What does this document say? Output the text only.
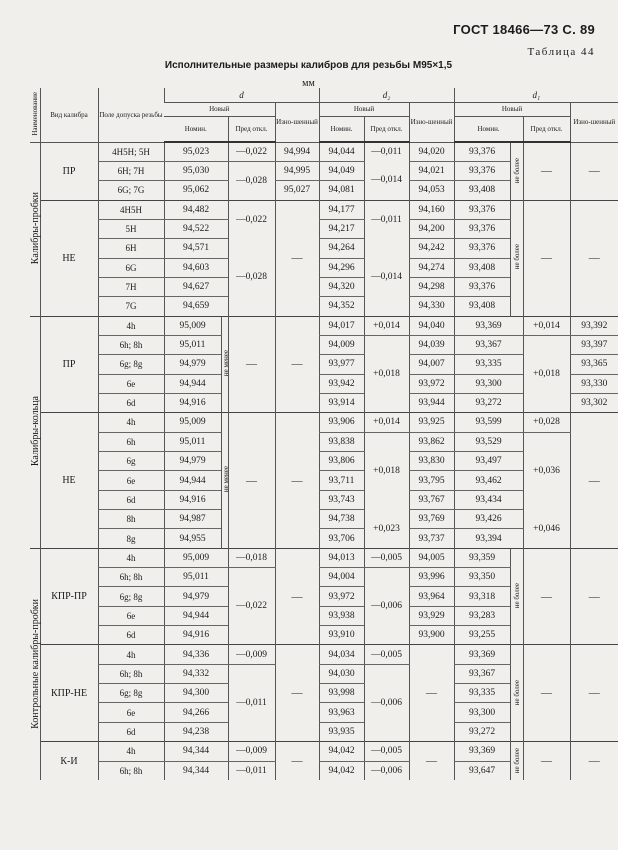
ГОСТ 18466—73 С. 89
Таблица 44
Исполнительные размеры калибров для резьбы М95×1,5
мм
Наименование	Вид калибра	Поле допуска резьбы	d				d₂			d₁			
			Новый			Изно-шенный	Новый		Изно-шенный	Новый			Изно-шенный
			Номин.		Пред откл.		Номин.	Пред откл.		Номин.		Пред откл.	
Калибры-пробки	ПР	4H5H; 5H	95,023		—0,022	94,994	94,044	—0,011	94,020	93,376	не более	—	—
		6H; 7H	95,030		—0,028	94,995	94,049	—0,014	94,021	93,376			
		6G; 7G	95,062			95,027	94,081		94,053	93,408			
	НЕ	4H5H	94,482		—0,022	—	94,177	—0,011	94,160	93,376	не более	—	—
		5H	94,522				94,217		94,200	93,376			
		6H	94,571		—0,028		94,264	—0,014	94,242	93,376			
		6G	94,603				94,296		94,274	93,408			
		7H	94,627				94,320		94,298	93,376			
		7G	94,659				94,352		94,330	93,408			
Калибры-кольца	ПР	4h	95,009	не менее	—	—	94,017	+0,014	94,040	93,369		+0,014	93,392
		6h; 8h	95,011				94,009	+0,018	94,039	93,367		+0,018	93,397
		6g; 8g	94,979				93,977		94,007	93,335			93,365
		6e	94,944				93,942		93,972	93,300			93,330
		6d	94,916				93,914		93,944	93,272			93,302
	НЕ	4h	95,009	не менее	—	—	93,906	+0,014	93,925	93,599		+0,028	—
		6h	95,011				93,838	+0,018	93,862	93,529		+0,036	
		6g	94,979				93,806		93,830	93,497			
		6e	94,944				93,711		93,795	93,462			
		6d	94,916				93,743		93,767	93,434			
		8h	94,987				94,738	+0,023	93,769	93,426		+0,046	
		8g	94,955				93,706		93,737	93,394			
Контрольные калибры-пробки	КПР-ПР	4h	95,009		—0,018	—	94,013	—0,005	94,005	93,359	не более	—	—
		6h; 8h	95,011		—0,022		94,004	—0,006	93,996	93,350			
		6g; 8g	94,979				93,972		93,964	93,318			
		6e	94,944				93,938		93,929	93,283			
		6d	94,916				93,910		93,900	93,255			
	КПР-НЕ	4h	94,336		—0,009	—	94,034	—0,005	—	93,369	не более	—	—
		6h; 8h	94,332		—0,011		94,030	—0,006		93,367			
		6g; 8g	94,300				93,998			93,335			
		6e	94,266				93,963			93,300			
		6d	94,238				93,935			93,272			
	К-И	4h	94,344		—0,009	—	94,042	—0,005	—	93,369	не более	—	—
		6h; 8h	94,344		—0,011		94,042	—0,006		93,647			
